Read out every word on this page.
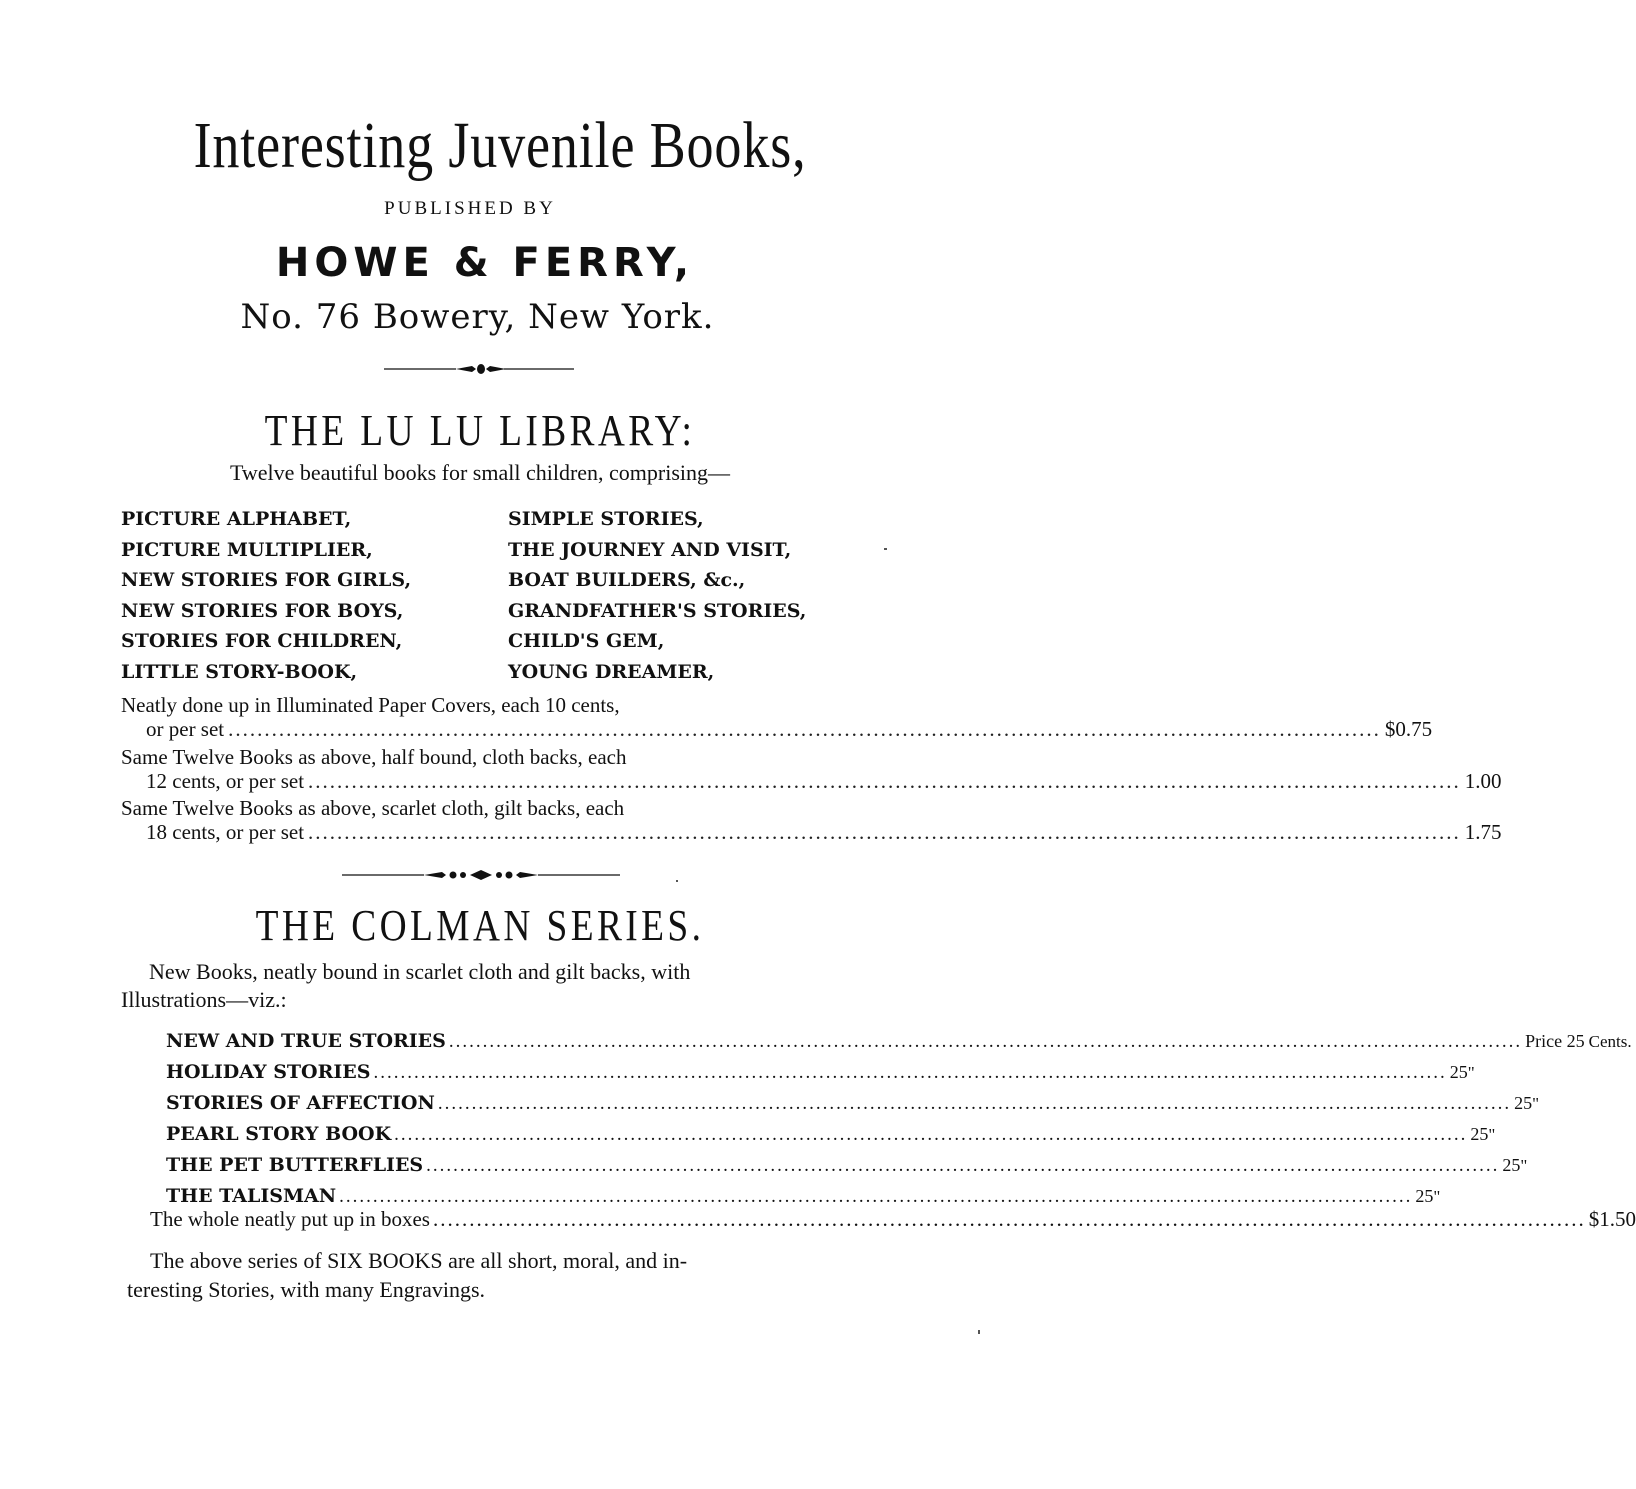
Interesting Juvenile Books,
PUBLISHED BY
HOWE & FERRY,
No. 76 Bowery, New York.
THE LU LU LIBRARY:
Twelve beautiful books for small children, comprising—
PICTURE ALPHABET,
PICTURE MULTIPLIER,
NEW STORIES FOR GIRLS,
NEW STORIES FOR BOYS,
STORIES FOR CHILDREN,
LITTLE STORY-BOOK,
SIMPLE STORIES,
THE JOURNEY AND VISIT,
BOAT BUILDERS, &c.,
GRANDFATHER'S STORIES,
CHILD'S GEM,
YOUNG DREAMER,
Neatly done up in Illuminated Paper Covers, each 10 cents,
or per set ............................................................................................................................................................... $0.75
Same Twelve Books as above, half bound, cloth backs, each
12 cents, or per set ............................................................................................................................................................... 1.00
Same Twelve Books as above, scarlet cloth, gilt backs, each
18 cents, or per set ............................................................................................................................................................... 1.75
THE COLMAN SERIES.
New Books, neatly bound in scarlet cloth and gilt backs, with
Illustrations—viz.:
NEW AND TRUE STORIES ............................................................................................................................................................... Price 25 Cents.
HOLIDAY STORIES ............................................................................................................................................................... 25 "
STORIES OF AFFECTION ............................................................................................................................................................... 25 "
PEARL STORY BOOK ............................................................................................................................................................... 25 "
THE PET BUTTERFLIES ............................................................................................................................................................... 25 "
THE TALISMAN ............................................................................................................................................................... 25 "
The whole neatly put up in boxes ............................................................................................................................................................... $1.50
The above series of SIX BOOKS are all short, moral, and in-
teresting Stories, with many Engravings.
